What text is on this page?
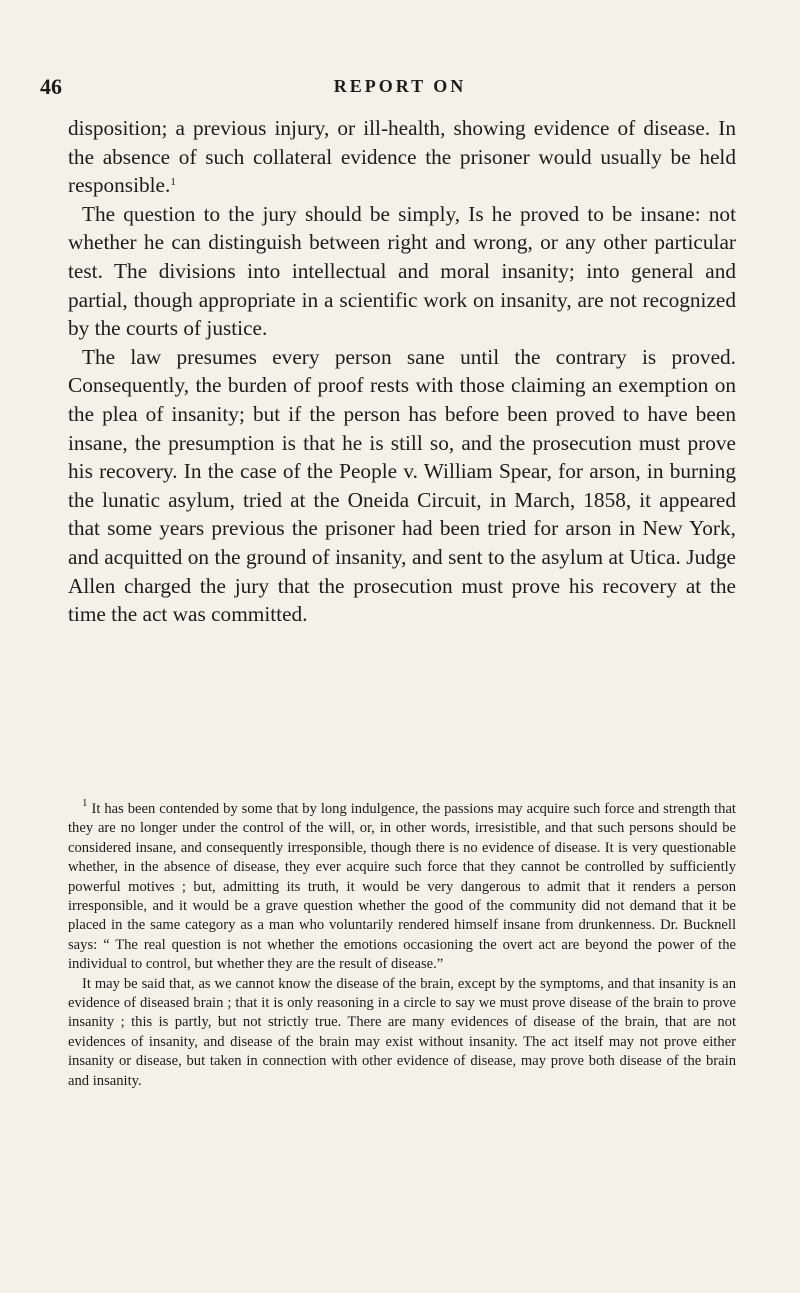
46	REPORT ON

disposition; a previous injury, or ill-health, showing evidence of disease. In the absence of such collateral evidence the prisoner would usually be held responsible.$^1$

The question to the jury should be simply, Is he proved to be insane: not whether he can distinguish between right and wrong, or any other particular test. The divisions into intellectual and moral insanity; into general and partial, though appropriate in a scientific work on insanity, are not recognized by the courts of justice.

The law presumes every person sane until the contrary is proved. Consequently, the burden of proof rests with those claiming an exemption on the plea of insanity; but if the person has before been proved to have been insane, the presumption is that he is still so, and the prosecution must prove his recovery. In the case of the People v. William Spear, for arson, in burning the lunatic asylum, tried at the Oneida Circuit, in March, 1858, it appeared that some years previous the prisoner had been tried for arson in New York, and acquitted on the ground of insanity, and sent to the asylum at Utica. Judge Allen charged the jury that the prosecution must prove his recovery at the time the act was committed.

$^1$ It has been contended by some that by long indulgence, the passions may acquire such force and strength that they are no longer under the control of the will, or, in other words, irresistible, and that such persons should be considered insane, and consequently irresponsible, though there is no evidence of disease. It is very questionable whether, in the absence of disease, they ever acquire such force that they cannot be controlled by sufficiently powerful motives ; but, admitting its truth, it would be very dangerous to admit that it renders a person irresponsible, and it would be a grave question whether the good of the community did not demand that it be placed in the same category as a man who voluntarily rendered himself insane from drunkenness. Dr. Bucknell says: “ The real question is not whether the emotions occasioning the overt act are beyond the power of the individual to control, but whether they are the result of disease.”

It may be said that, as we cannot know the disease of the brain, except by the symptoms, and that insanity is an evidence of diseased brain ; that it is only reasoning in a circle to say we must prove disease of the brain to prove insanity ; this is partly, but not strictly true. There are many evidences of disease of the brain, that are not evidences of insanity, and disease of the brain may exist without insanity. The act itself may not prove either insanity or disease, but taken in connection with other evidence of disease, may prove both disease of the brain and insanity.
